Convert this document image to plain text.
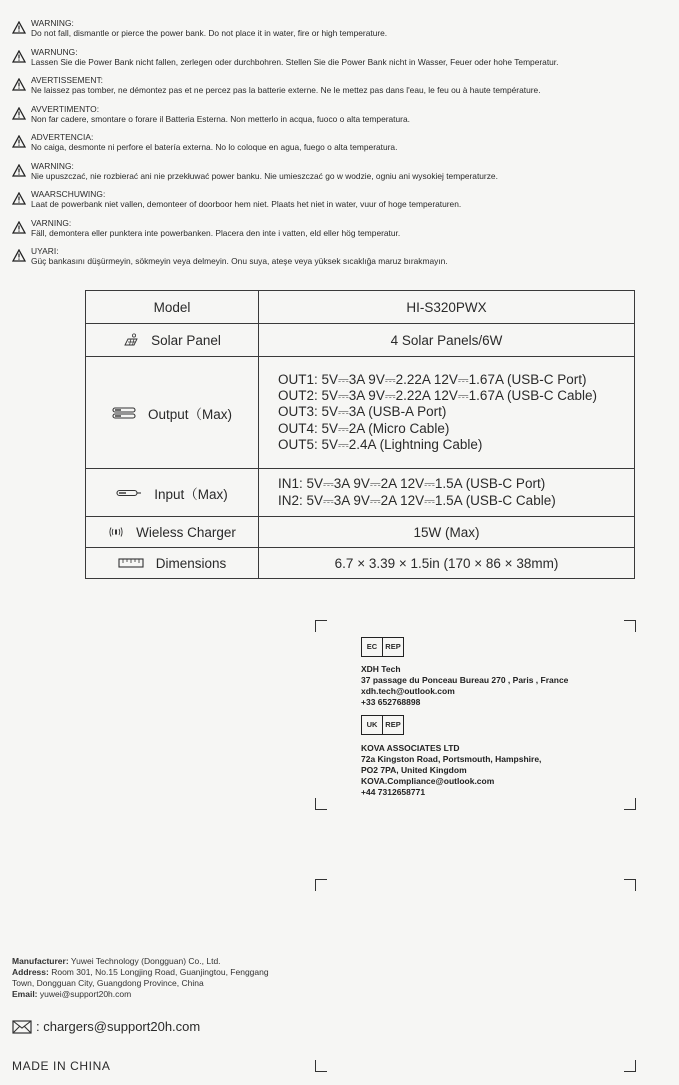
WARNING:
Do not fall, dismantle or pierce the power bank. Do not place it in water, fire or high temperature.
WARNUNG:
Lassen Sie die Power Bank nicht fallen, zerlegen oder durchbohren. Stellen Sie die Power Bank nicht in Wasser, Feuer oder hohe Temperatur.
AVERTISSEMENT:
Ne laissez pas tomber, ne démontez pas et ne percez pas la batterie externe. Ne le mettez pas dans l'eau, le feu ou à haute température.
AVVERTIMENTO:
Non far cadere, smontare o forare il Batteria Esterna. Non metterlo in acqua, fuoco o alta temperatura.
ADVERTENCIA:
No caiga, desmonte ni perfore el batería externa. No lo coloque en agua, fuego o alta temperatura.
WARNING:
Nie upuszczać, nie rozbierać ani nie przekłuwać power banku. Nie umieszczać go w wodzie, ogniu ani wysokiej temperaturze.
WAARSCHUWING:
Laat de powerbank niet vallen, demonteer of doorboor hem niet. Plaats het niet in water, vuur of hoge temperaturen.
VARNING:
Fäll, demontera eller punktera inte powerbanken. Placera den inte i vatten, eld eller hög temperatur.
UYARI:
Güç bankasını düşürmeyin, sökmeyin veya delmeyin. Onu suya, ateşe veya yüksek sıcaklığa maruz bırakmayın.
Model	HI-S320PWX

Solar Panel	4 Solar Panels/6W

Output（Max)	OUT1: 5V⎓3A 9V⎓2.22A 12V⎓1.67A (USB-C Port)
OUT2: 5V⎓3A 9V⎓2.22A 12V⎓1.67A (USB-C Cable)
OUT3: 5V⎓3A (USB-A Port)
OUT4: 5V⎓2A (Micro Cable)
OUT5: 5V⎓2.4A (Lightning Cable)

Input（Max)	IN1: 5V⎓3A 9V⎓2A 12V⎓1.5A (USB-C Port)
IN2: 5V⎓3A 9V⎓2A 12V⎓1.5A (USB-C Cable)

Wieless Charger	15W (Max)

Dimensions	6.7 × 3.39 × 1.5in (170 × 86 × 38mm)
EC	REP
XDH Tech
37 passage du Ponceau Bureau 270 , Paris , France
xdh.tech@outlook.com
+33 652768898
UK	REP
KOVA ASSOCIATES LTD
72a Kingston Road, Portsmouth, Hampshire,
PO2 7PA, United Kingdom
KOVA.Compliance@outlook.com
+44 7312658771
Manufacturer: Yuwei Technology (Dongguan) Co., Ltd.
Address: Room 301, No.15 Longjing Road, Guanjingtou, Fenggang
Town, Dongguan City, Guangdong Province, China
Email: yuwei@support20h.com
: chargers@support20h.com
MADE IN CHINA
